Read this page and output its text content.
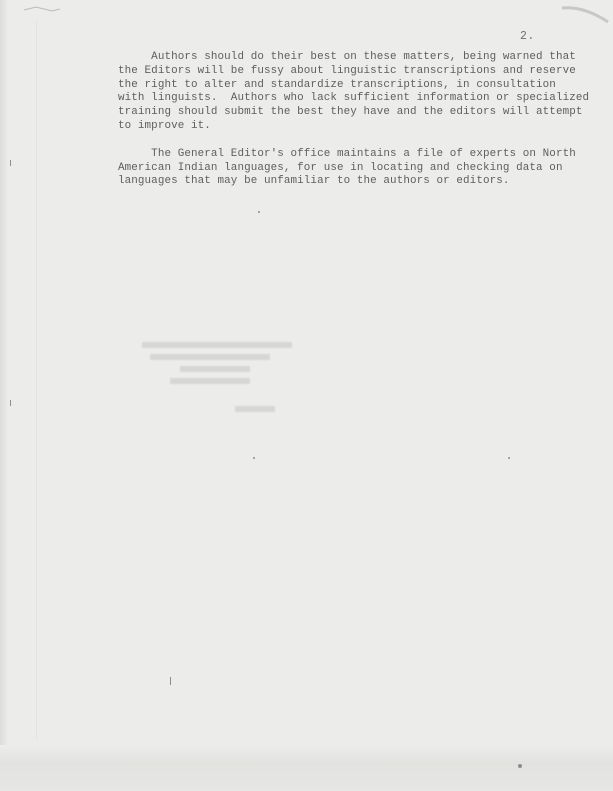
2.
Authors should do their best on these matters, being warned that
the Editors will be fussy about linguistic transcriptions and reserve
the right to alter and standardize transcriptions, in consultation
with linguists.  Authors who lack sufficient information or specialized
training should submit the best they have and the editors will attempt
to improve it.
The General Editor's office maintains a file of experts on North
American Indian languages, for use in locating and checking data on
languages that may be unfamiliar to the authors or editors.
